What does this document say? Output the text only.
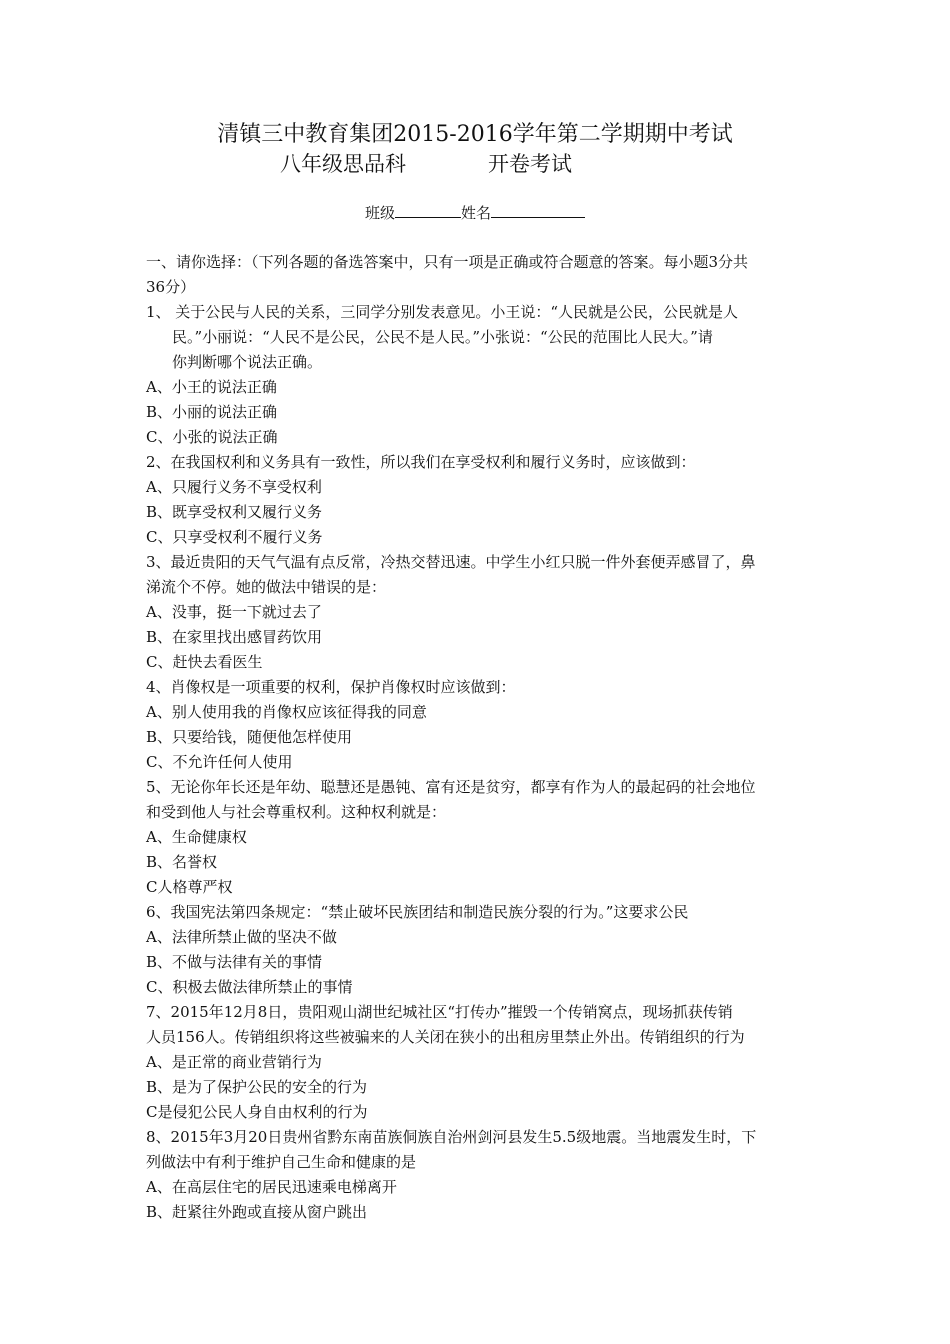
清镇三中教育集团2015-2016学年第二学期期中考试
八年级思品科	开卷考试
班级	姓名
一、请你选择：（下列各题的备选答案中，只有一项是正确或符合题意的答案。每小题3分共
36分）
1、 关于公民与人民的关系，三同学分别发表意见。小王说：“人民就是公民，公民就是人
民。”小丽说：“人民不是公民，公民不是人民。”小张说：“公民的范围比人民大。”请
你判断哪个说法正确。
A、小王的说法正确
B、小丽的说法正确
C、小张的说法正确
2、在我国权利和义务具有一致性，所以我们在享受权利和履行义务时，应该做到：
A、只履行义务不享受权利
B、既享受权利又履行义务
C、只享受权利不履行义务
3、最近贵阳的天气气温有点反常，冷热交替迅速。中学生小红只脱一件外套便弄感冒了，鼻
涕流个不停。她的做法中错误的是：
A、没事，挺一下就过去了
B、在家里找出感冒药饮用
C、赶快去看医生
4、肖像权是一项重要的权利，保护肖像权时应该做到：
A、别人使用我的肖像权应该征得我的同意
B、只要给钱，随便他怎样使用
C、不允许任何人使用
5、无论你年长还是年幼、聪慧还是愚钝、富有还是贫穷，都享有作为人的最起码的社会地位
和受到他人与社会尊重权利。这种权利就是：
A、生命健康权
B、名誉权
C人格尊严权
6、我国宪法第四条规定：“禁止破坏民族团结和制造民族分裂的行为。”这要求公民
A、法律所禁止做的坚决不做
B、不做与法律有关的事情
C、积极去做法律所禁止的事情
7、2015年12月8日，贵阳观山湖世纪城社区“打传办”摧毁一个传销窝点，现场抓获传销
人员156人。传销组织将这些被骗来的人关闭在狭小的出租房里禁止外出。传销组织的行为
A、是正常的商业营销行为
B、是为了保护公民的安全的行为
C是侵犯公民人身自由权利的行为
8、2015年3月20日贵州省黔东南苗族侗族自治州剑河县发生5.5级地震。当地震发生时，下
列做法中有利于维护自己生命和健康的是
A、在高层住宅的居民迅速乘电梯离开
B、赶紧往外跑或直接从窗户跳出
